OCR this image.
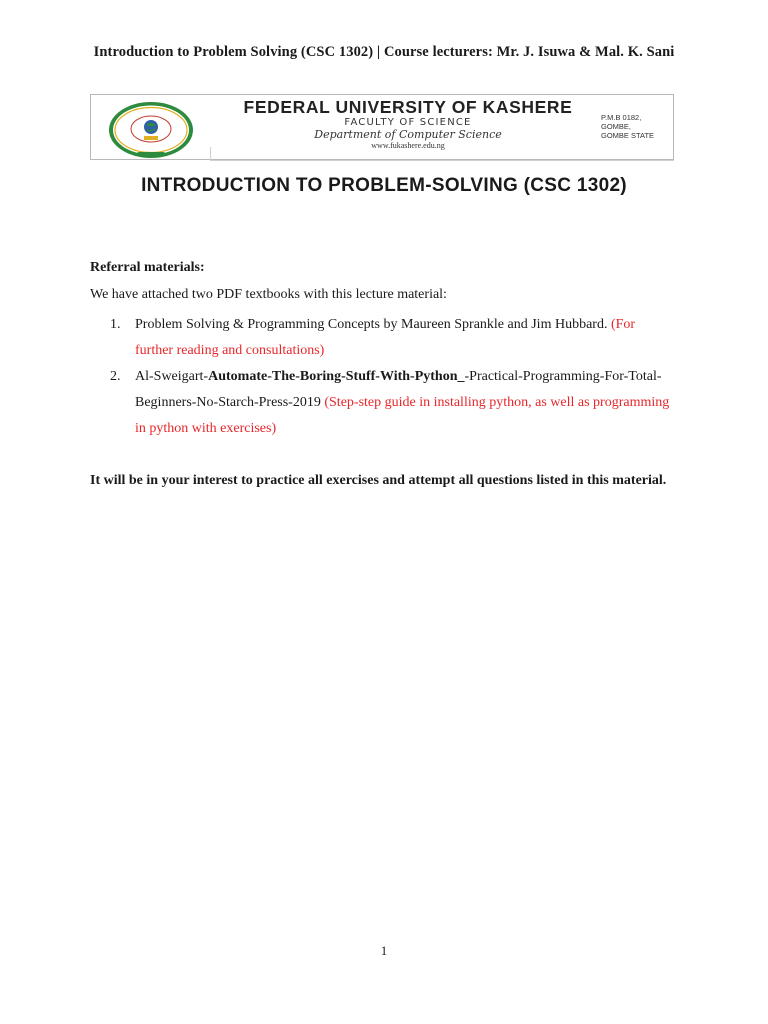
Introduction to Problem Solving (CSC 1302) | Course lecturers: Mr. J. Isuwa & Mal. K. Sani
FEDERAL UNIVERSITY OF KASHERE
FACULTY OF SCIENCE
Department of Computer Science
www.fukashere.edu.ng
P.M.B 0182,
GOMBE,
GOMBE STATE
INTRODUCTION TO PROBLEM-SOLVING (CSC 1302)
Referral materials:
We have attached two PDF textbooks with this lecture material:
1. Problem Solving & Programming Concepts by Maureen Sprankle and Jim Hubbard. (For further reading and consultations)
2. Al-Sweigart-Automate-The-Boring-Stuff-With-Python_-Practical-Programming-For-Total-Beginners-No-Starch-Press-2019 (Step-step guide in installing python, as well as programming in python with exercises)
It will be in your interest to practice all exercises and attempt all questions listed in this material.
1
